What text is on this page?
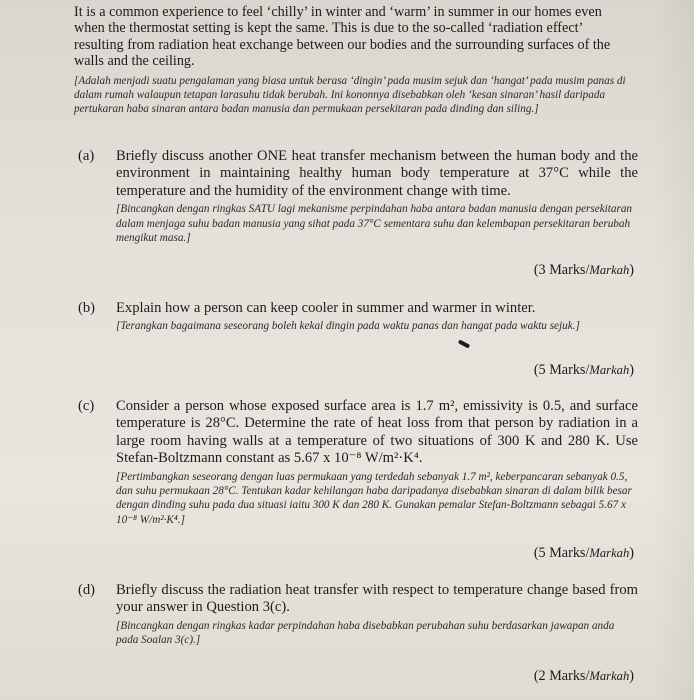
It is a common experience to feel ‘chilly’ in winter and ‘warm’ in summer in our homes even when the thermostat setting is kept the same. This is due to the so-called ‘radiation effect’ resulting from radiation heat exchange between our bodies and the surrounding surfaces of the walls and the ceiling.

[Adalah menjadi suatu pengalaman yang biasa untuk berasa ‘dingin’ pada musim sejuk dan ‘hangat’ pada musim panas di dalam rumah walaupun tetapan larasuhu tidak berubah. Ini kononnya disebabkan oleh ‘kesan sinaran’ hasil daripada pertukaran haba sinaran antara badan manusia dan permukaan persekitaran pada dinding dan siling.]

(a) Briefly discuss another ONE heat transfer mechanism between the human body and the environment in maintaining healthy human body temperature at 37°C while the temperature and the humidity of the environment change with time.

[Bincangkan dengan ringkas SATU lagi mekanisme perpindahan haba antara badan manusia dengan persekitaran dalam menjaga suhu badan manusia yang sihat pada 37°C sementara suhu dan kelembapan persekitaran berubah mengikut masa.]

(3 Marks/Markah)
(b) Explain how a person can keep cooler in summer and warmer in winter.

[Terangkan bagaimana seseorang boleh kekal dingin pada waktu panas dan hangat pada waktu sejuk.]

(5 Marks/Markah)
(c) Consider a person whose exposed surface area is 1.7 m², emissivity is 0.5, and surface temperature is 28°C. Determine the rate of heat loss from that person by radiation in a large room having walls at a temperature of two situations of 300 K and 280 K. Use Stefan-Boltzmann constant as 5.67 x 10⁻⁸ W/m²·K⁴.

[Pertimbangkan seseorang dengan luas permukaan yang terdedah sebanyak 1.7 m², keberpancaran sebanyak 0.5, dan suhu permukaan 28°C. Tentukan kadar kehilangan haba daripadanya disebabkan sinaran di dalam bilik besar dengan dinding suhu pada dua situasi iaitu 300 K dan 280 K. Gunakan pemalar Stefan-Boltzmann sebagai 5.67 x 10⁻⁸ W/m²·K⁴.]

(5 Marks/Markah)
(d) Briefly discuss the radiation heat transfer with respect to temperature change based from your answer in Question 3(c).

[Bincangkan dengan ringkas kadar perpindahan haba disebabkan perubahan suhu berdasarkan jawapan anda pada Soalan 3(c).]

(2 Marks/Markah)
